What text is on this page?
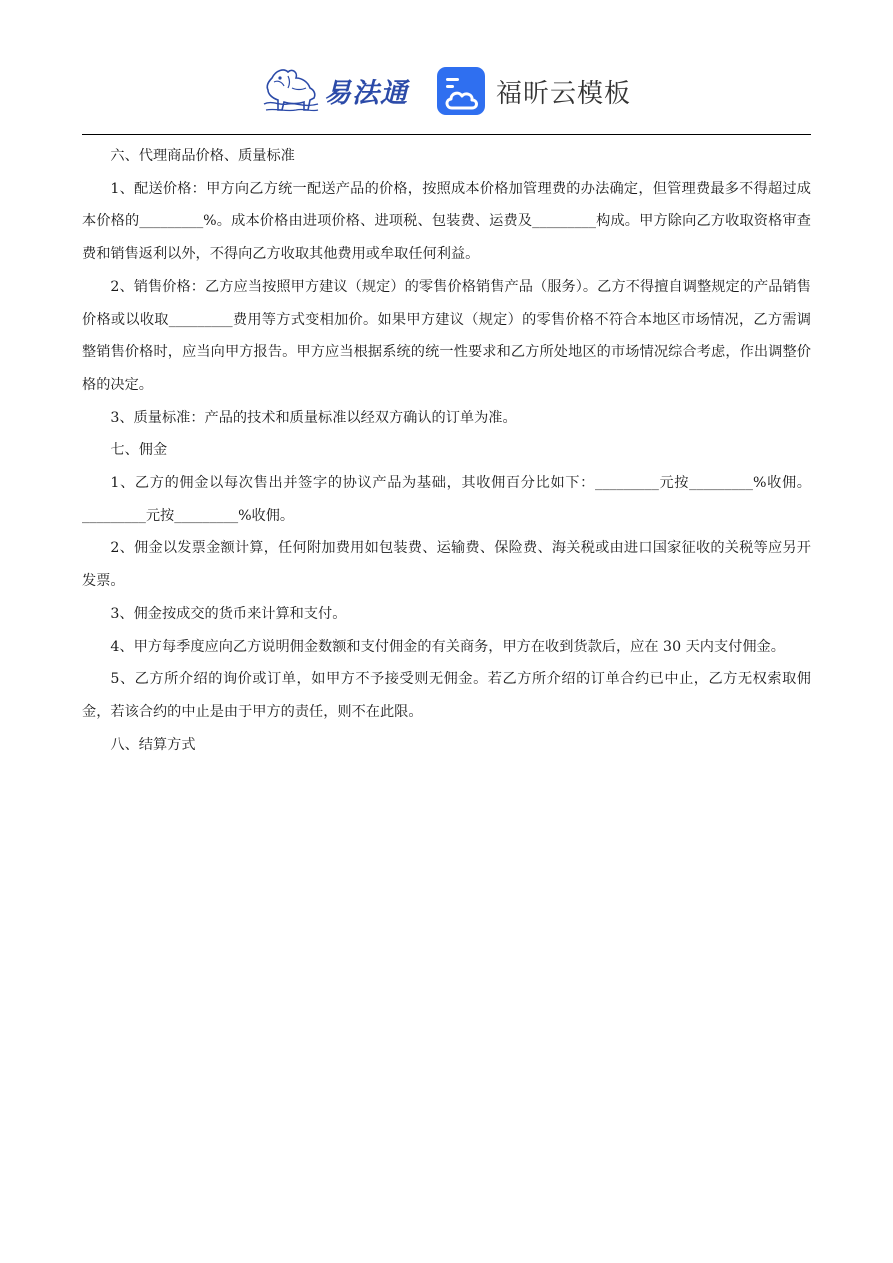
易法通	福昕云模板

六、代理商品价格、质量标准

1、配送价格：甲方向乙方统一配送产品的价格，按照成本价格加管理费的办法确定，但管理费最多不得超过成本价格的_________%。成本价格由进项价格、进项税、包装费、运费及_________构成。甲方除向乙方收取资格审查费和销售返利以外，不得向乙方收取其他费用或牟取任何利益。

2、销售价格：乙方应当按照甲方建议（规定）的零售价格销售产品（服务）。乙方不得擅自调整规定的产品销售价格或以收取_________费用等方式变相加价。如果甲方建议（规定）的零售价格不符合本地区市场情况，乙方需调整销售价格时，应当向甲方报告。甲方应当根据系统的统一性要求和乙方所处地区的市场情况综合考虑，作出调整价格的决定。

3、质量标准：产品的技术和质量标准以经双方确认的订单为准。

七、佣金

1、乙方的佣金以每次售出并签字的协议产品为基础，其收佣百分比如下：_________元按_________%收佣。_________元按_________%收佣。

2、佣金以发票金额计算，任何附加费用如包装费、运输费、保险费、海关税或由进口国家征收的关税等应另开发票。

3、佣金按成交的货币来计算和支付。

4、甲方每季度应向乙方说明佣金数额和支付佣金的有关商务，甲方在收到货款后，应在 30 天内支付佣金。

5、乙方所介绍的询价或订单，如甲方不予接受则无佣金。若乙方所介绍的订单合约已中止，乙方无权索取佣金，若该合约的中止是由于甲方的责任，则不在此限。

八、结算方式
